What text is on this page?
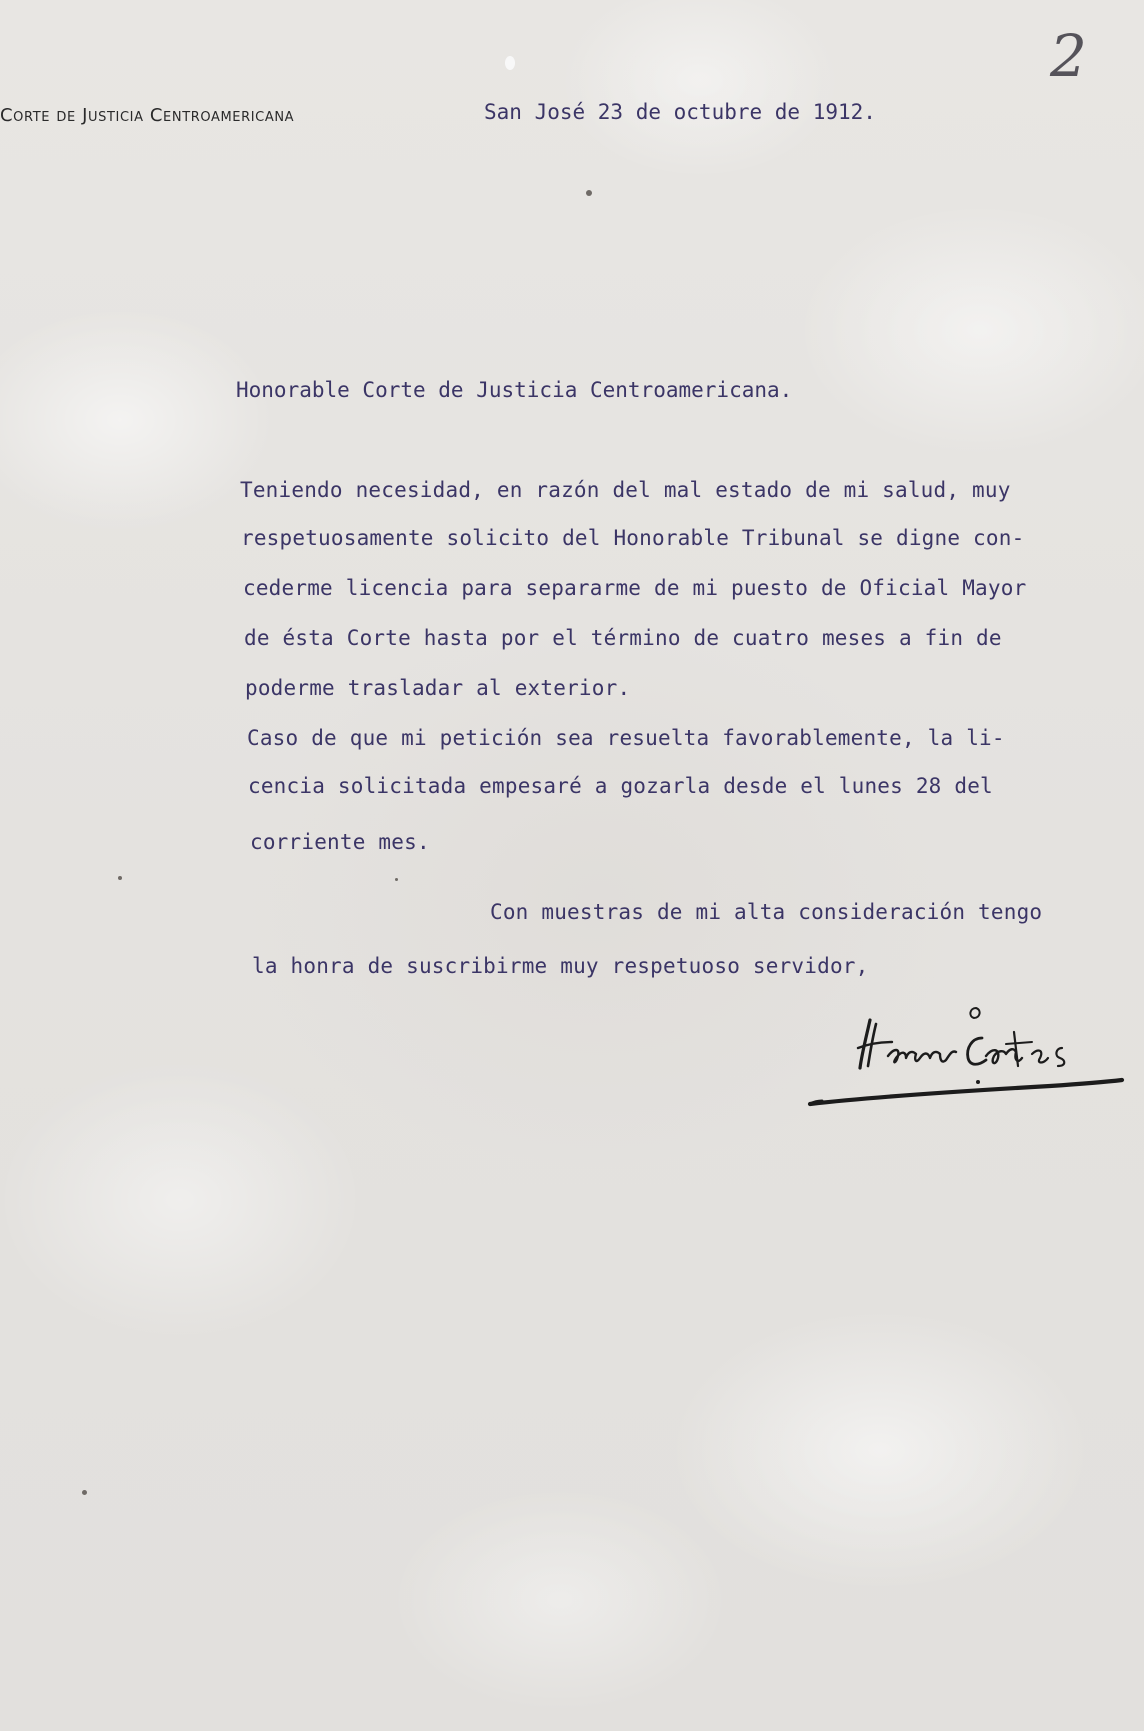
Corte de Justicia Centroamericana	San José 23 de octubre de 1912.
2
Honorable Corte de Justicia Centroamericana.
Teniendo necesidad, en razón del mal estado de mi salud, muy
respetuosamente solicito del Honorable Tribunal se digne con-
cederme licencia para separarme de mi puesto de Oficial Mayor
de ésta Corte hasta por el término de cuatro meses a fin de
poderme trasladar al exterior.
Caso de que mi petición sea resuelta favorablemente, la li-
cencia solicitada empesaré a gozarla desde el lunes 28 del
corriente mes.
Con muestras de mi alta consideración tengo
la honra de suscribirme muy respetuoso servidor,
